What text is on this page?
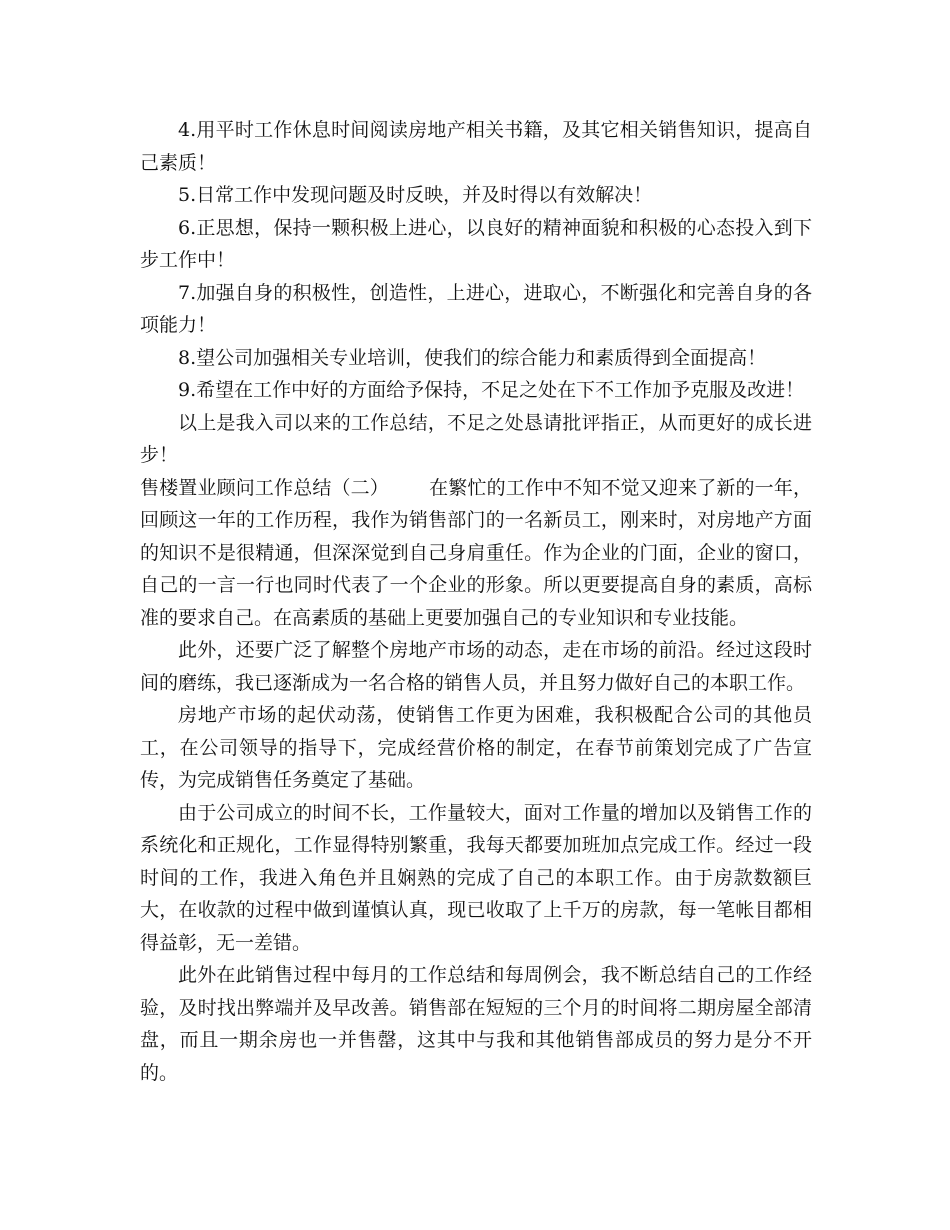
4.用平时工作休息时间阅读房地产相关书籍，及其它相关销售知识，提高自己素质！

5.日常工作中发现问题及时反映，并及时得以有效解决！

6.正思想，保持一颗积极上进心，以良好的精神面貌和积极的心态投入到下步工作中！

7.加强自身的积极性，创造性，上进心，进取心，不断强化和完善自身的各项能力！

8.望公司加强相关专业培训，使我们的综合能力和素质得到全面提高！

9.希望在工作中好的方面给予保持，不足之处在下不工作加予克服及改进！

以上是我入司以来的工作总结，不足之处恳请批评指正，从而更好的成长进步！

售楼置业顾问工作总结（二） 在繁忙的工作中不知不觉又迎来了新的一年，回顾这一年的工作历程，我作为销售部门的一名新员工，刚来时，对房地产方面的知识不是很精通，但深深觉到自己身肩重任。作为企业的门面，企业的窗口，自己的一言一行也同时代表了一个企业的形象。所以更要提高自身的素质，高标准的要求自己。在高素质的基础上更要加强自己的专业知识和专业技能。

此外，还要广泛了解整个房地产市场的动态，走在市场的前沿。经过这段时间的磨练，我已逐渐成为一名合格的销售人员，并且努力做好自己的本职工作。

房地产市场的起伏动荡，使销售工作更为困难，我积极配合公司的其他员工，在公司领导的指导下，完成经营价格的制定，在春节前策划完成了广告宣传，为完成销售任务奠定了基础。

由于公司成立的时间不长，工作量较大，面对工作量的增加以及销售工作的系统化和正规化，工作显得特别繁重，我每天都要加班加点完成工作。经过一段时间的工作，我进入角色并且娴熟的完成了自己的本职工作。由于房款数额巨大，在收款的过程中做到谨慎认真，现已收取了上千万的房款，每一笔帐目都相得益彰，无一差错。

此外在此销售过程中每月的工作总结和每周例会，我不断总结自己的工作经验，及时找出弊端并及早改善。销售部在短短的三个月的时间将二期房屋全部清盘，而且一期余房也一并售罄，这其中与我和其他销售部成员的努力是分不开的。
